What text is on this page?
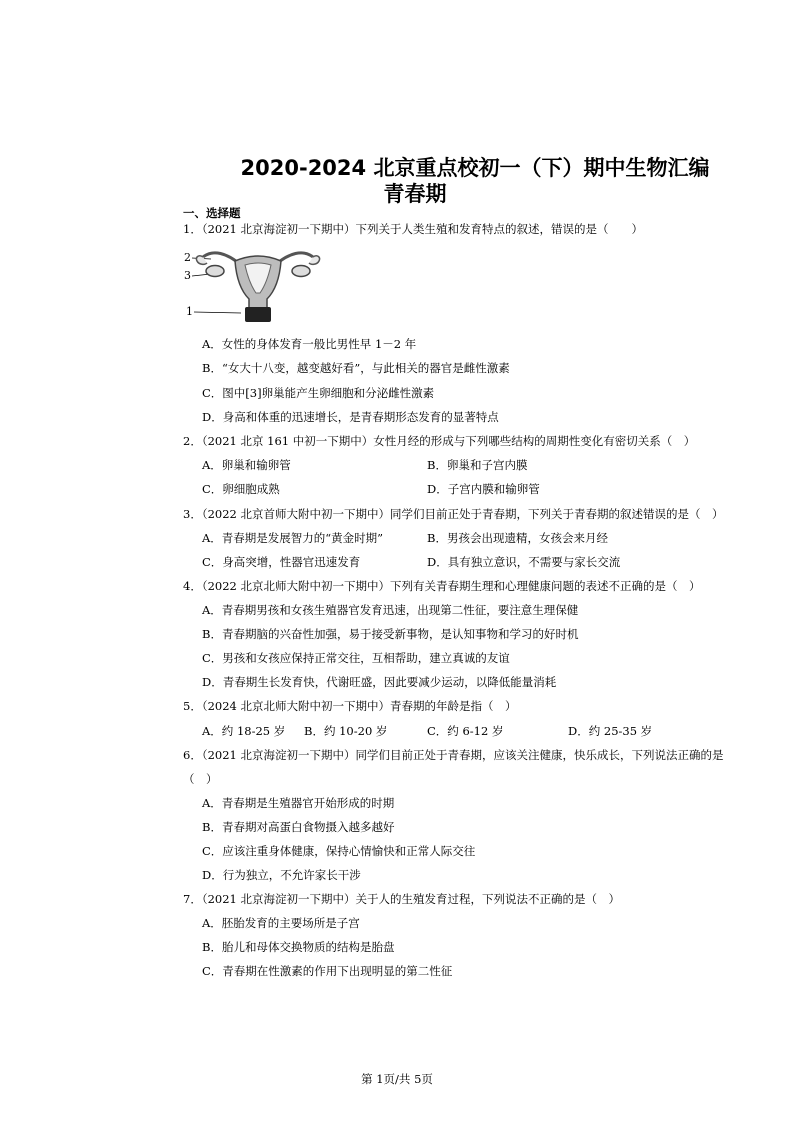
2020-2024 北京重点校初一（下）期中生物汇编
青春期
一、选择题
1．（2021 北京海淀初一下期中）下列关于人类生殖和发育特点的叙述，错误的是（　　）
2
3
1
A．女性的身体发育一般比男性早 1－2 年
B．“女大十八变，越变越好看”，与此相关的器官是雌性激素
C．图中[3]卵巢能产生卵细胞和分泌雌性激素
D．身高和体重的迅速增长，是青春期形态发育的显著特点
2．（2021 北京 161 中初一下期中）女性月经的形成与下列哪些结构的周期性变化有密切关系（　）
A．卵巢和输卵管	B．卵巢和子宫内膜
C．卵细胞成熟	D．子宫内膜和输卵管
3．（2022 北京首师大附中初一下期中）同学们目前正处于青春期，下列关于青春期的叙述错误的是（　）
A．青春期是发展智力的“黄金时期”	B．男孩会出现遗精，女孩会来月经
C．身高突增，性器官迅速发育	D．具有独立意识，不需要与家长交流
4．（2022 北京北师大附中初一下期中）下列有关青春期生理和心理健康问题的表述不正确的是（　）
A．青春期男孩和女孩生殖器官发育迅速，出现第二性征，要注意生理保健
B．青春期脑的兴奋性加强，易于接受新事物，是认知事物和学习的好时机
C．男孩和女孩应保持正常交往，互相帮助，建立真诚的友谊
D．青春期生长发育快，代谢旺盛，因此要减少运动，以降低能量消耗
5．（2024 北京北师大附中初一下期中）青春期的年龄是指（　）
A．约 18-25 岁 B．约 10-20 岁	C．约 6-12 岁	D．约 25-35 岁
6．（2021 北京海淀初一下期中）同学们目前正处于青春期，应该关注健康，快乐成长，下列说法正确的是
（　）
A．青春期是生殖器官开始形成的时期
B．青春期对高蛋白食物摄入越多越好
C．应该注重身体健康，保持心情愉快和正常人际交往
D．行为独立，不允许家长干涉
7．（2021 北京海淀初一下期中）关于人的生殖发育过程，下列说法不正确的是（　）
A．胚胎发育的主要场所是子宫
B．胎儿和母体交换物质的结构是胎盘
C．青春期在性激素的作用下出现明显的第二性征
第 1页/共 5页
